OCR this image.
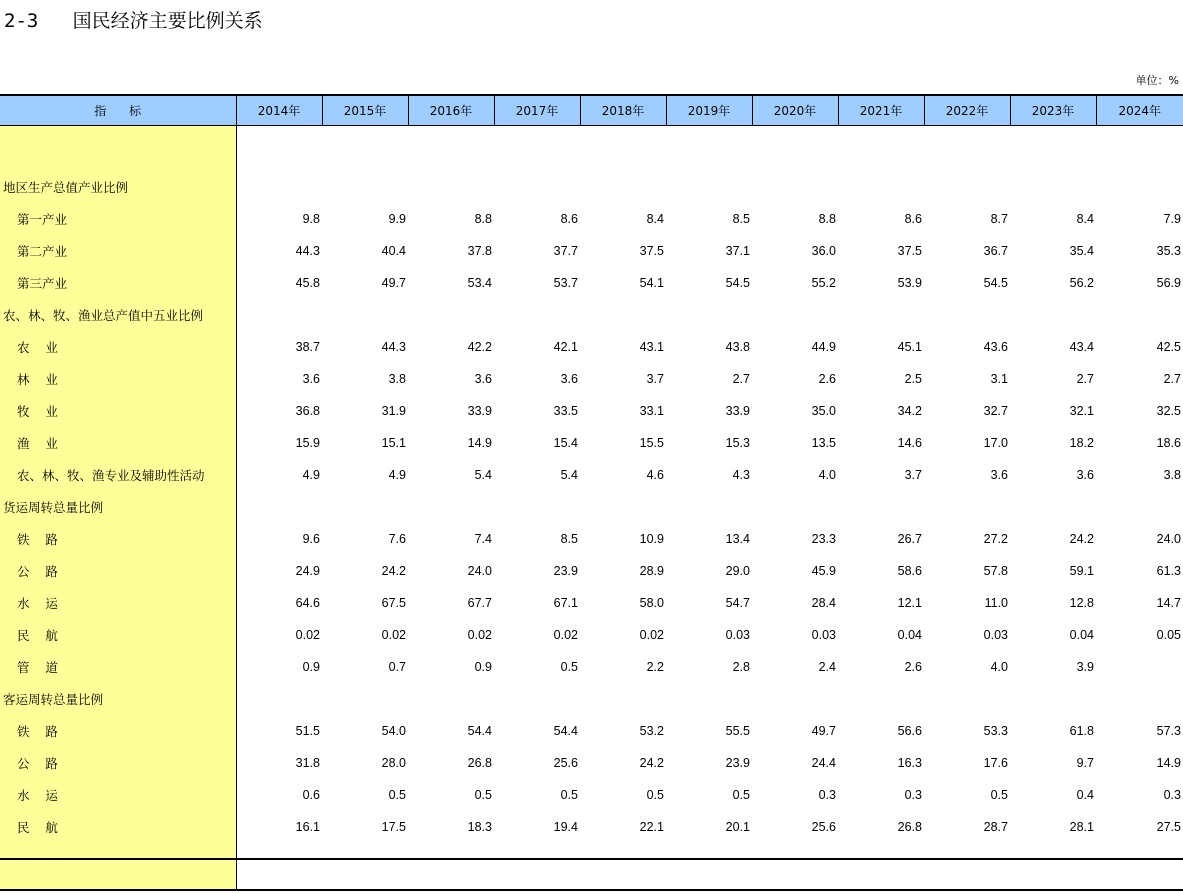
2-3   国民经济主要比例关系
单位：%
指      标	2014年	2015年	2016年	2017年	2018年	2019年	2020年	2021年	2022年	2023年	2024年

地区生产总值产业比例											
第一产业	9.8	9.9	8.8	8.6	8.4	8.5	8.8	8.6	8.7	8.4	7.9
第二产业	44.3	40.4	37.8	37.7	37.5	37.1	36.0	37.5	36.7	35.4	35.3
第三产业	45.8	49.7	53.4	53.7	54.1	54.5	55.2	53.9	54.5	56.2	56.9
农、林、牧、渔业总产值中五业比例											
农    业	38.7	44.3	42.2	42.1	43.1	43.8	44.9	45.1	43.6	43.4	42.5
林    业	3.6	3.8	3.6	3.6	3.7	2.7	2.6	2.5	3.1	2.7	2.7
牧    业	36.8	31.9	33.9	33.5	33.1	33.9	35.0	34.2	32.7	32.1	32.5
渔    业	15.9	15.1	14.9	15.4	15.5	15.3	13.5	14.6	17.0	18.2	18.6
农、林、牧、渔专业及辅助性活动	4.9	4.9	5.4	5.4	4.6	4.3	4.0	3.7	3.6	3.6	3.8
货运周转总量比例											
铁    路	9.6	7.6	7.4	8.5	10.9	13.4	23.3	26.7	27.2	24.2	24.0
公    路	24.9	24.2	24.0	23.9	28.9	29.0	45.9	58.6	57.8	59.1	61.3
水    运	64.6	67.5	67.7	67.1	58.0	54.7	28.4	12.1	11.0	12.8	14.7
民    航	0.02	0.02	0.02	0.02	0.02	0.03	0.03	0.04	0.03	0.04	0.05
管    道	0.9	0.7	0.9	0.5	2.2	2.8	2.4	2.6	4.0	3.9	
客运周转总量比例											
铁    路	51.5	54.0	54.4	54.4	53.2	55.5	49.7	56.6	53.3	61.8	57.3
公    路	31.8	28.0	26.8	25.6	24.2	23.9	24.4	16.3	17.6	9.7	14.9
水    运	0.6	0.5	0.5	0.5	0.5	0.5	0.3	0.3	0.5	0.4	0.3
民    航	16.1	17.5	18.3	19.4	22.1	20.1	25.6	26.8	28.7	28.1	27.5
